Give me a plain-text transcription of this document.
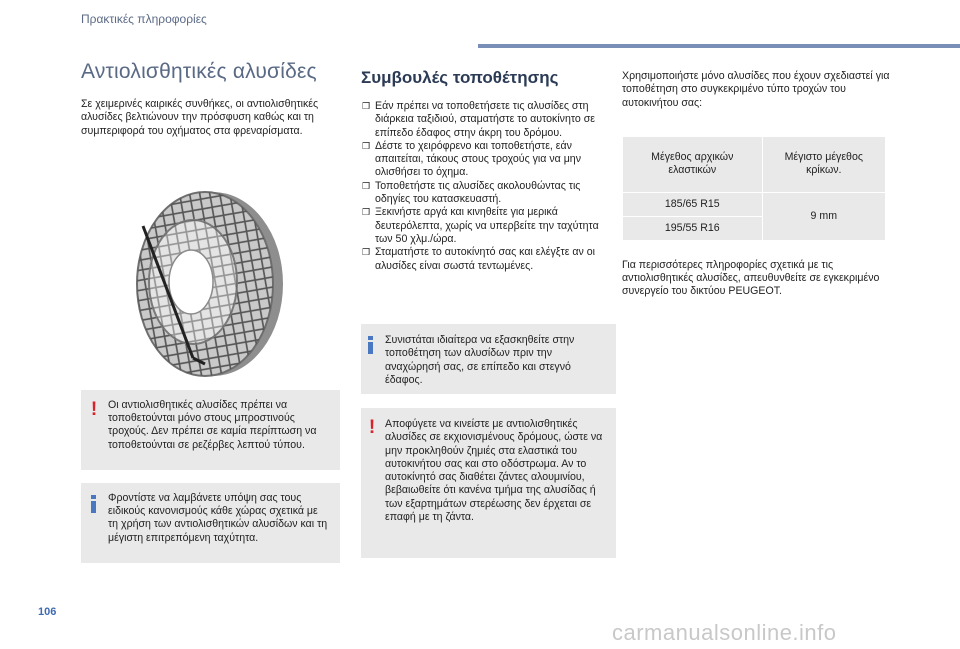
Πρακτικές πληροφορίες
Αντιολισθητικές αλυσίδες
Σε χειμερινές καιρικές συνθήκες, οι αντιολισθητικές αλυσίδες βελτιώνουν την πρόσφυση καθώς και τη συμπεριφορά του οχήματος στα φρεναρίσματα.
! Οι αντιολισθητικές αλυσίδες πρέπει να τοποθετούνται μόνο στους μπροστινούς τροχούς. Δεν πρέπει σε καμία περίπτωση να τοποθετούνται σε ρεζέρβες λεπτού τύπου.
Φροντίστε να λαμβάνετε υπόψη σας τους ειδικούς κανονισμούς κάθε χώρας σχετικά με τη χρήση των αντιολισθητικών αλυσίδων και τη μέγιστη επιτρεπόμενη ταχύτητα.
Συμβουλές τοποθέτησης
❒ Εάν πρέπει να τοποθετήσετε τις αλυσίδες στη διάρκεια ταξιδιού, σταματήστε το αυτοκίνητο σε επίπεδο έδαφος στην άκρη του δρόμου.
❒ Δέστε το χειρόφρενο και τοποθετήστε, εάν απαιτείται, τάκους στους τροχούς για να μην ολισθήσει το όχημα.
❒ Τοποθετήστε τις αλυσίδες ακολουθώντας τις οδηγίες του κατασκευαστή.
❒ Ξεκινήστε αργά και κινηθείτε για μερικά δευτερόλεπτα, χωρίς να υπερβείτε την ταχύτητα των 50 χλμ./ώρα.
❒ Σταματήστε το αυτοκίνητό σας και ελέγξτε αν οι αλυσίδες είναι σωστά τεντωμένες.
Συνιστάται ιδιαίτερα να εξασκηθείτε στην τοποθέτηση των αλυσίδων πριν την αναχώρησή σας, σε επίπεδο και στεγνό έδαφος.
! Αποφύγετε να κινείστε με αντιολισθητικές αλυσίδες σε εκχιονισμένους δρόμους, ώστε να μην προκληθούν ζημιές στα ελαστικά του αυτοκινήτου σας και στο οδόστρωμα. Αν το αυτοκίνητό σας διαθέτει ζάντες αλουμινίου, βεβαιωθείτε ότι κανένα τμήμα της αλυσίδας ή των εξαρτημάτων στερέωσης δεν έρχεται σε επαφή με τη ζάντα.
Χρησιμοποιήστε μόνο αλυσίδες που έχουν σχεδιαστεί για τοποθέτηση στο συγκεκριμένο τύπο τροχών του αυτοκινήτου σας:
Μέγεθος αρχικών ελαστικών	Μέγιστο μέγεθος κρίκων.
185/65 R15	9 mm
195/55 R16	
Για περισσότερες πληροφορίες σχετικά με τις αντιολισθητικές αλυσίδες, απευθυνθείτε σε εγκεκριμένο συνεργείο του δικτύου PEUGEOT.
106
carmanualsonline.info
